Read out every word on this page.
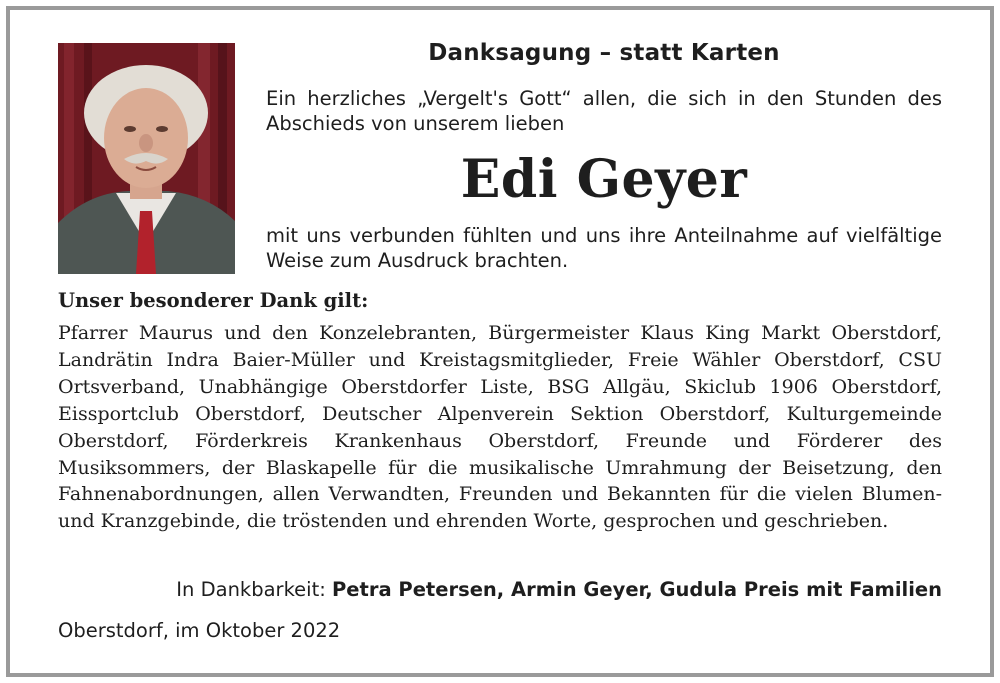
Danksagung – statt Karten
Ein herzliches „Vergelt's Gott“ allen, die sich in den Stunden des Abschieds von unserem lieben
Edi Geyer
mit uns verbunden fühlten und uns ihre Anteilnahme auf vielfältige Weise zum Ausdruck brachten.
Unser besonderer Dank gilt:
Pfarrer Maurus und den Konzelebranten, Bürgermeister Klaus King Markt Oberstdorf, Landrätin Indra Baier-Müller und Kreistagsmitglieder, Freie Wähler Oberstdorf, CSU Ortsverband, Unabhängige Oberstdorfer Liste, BSG Allgäu, Skiclub 1906 Oberstdorf, Eissportclub Oberstdorf, Deutscher Alpenverein Sektion Oberstdorf, Kulturgemeinde Oberstdorf, Förderkreis Krankenhaus Oberstdorf, Freunde und Förderer des Musiksommers, der Blaskapelle für die musikalische Umrahmung der Beisetzung, den Fahnenabordnungen, allen Verwandten, Freunden und Bekannten für die vielen Blumen- und Kranzgebinde, die tröstenden und ehrenden Worte, gesprochen und geschrieben.
In Dankbarkeit: Petra Petersen, Armin Geyer, Gudula Preis mit Familien
Oberstdorf, im Oktober 2022
